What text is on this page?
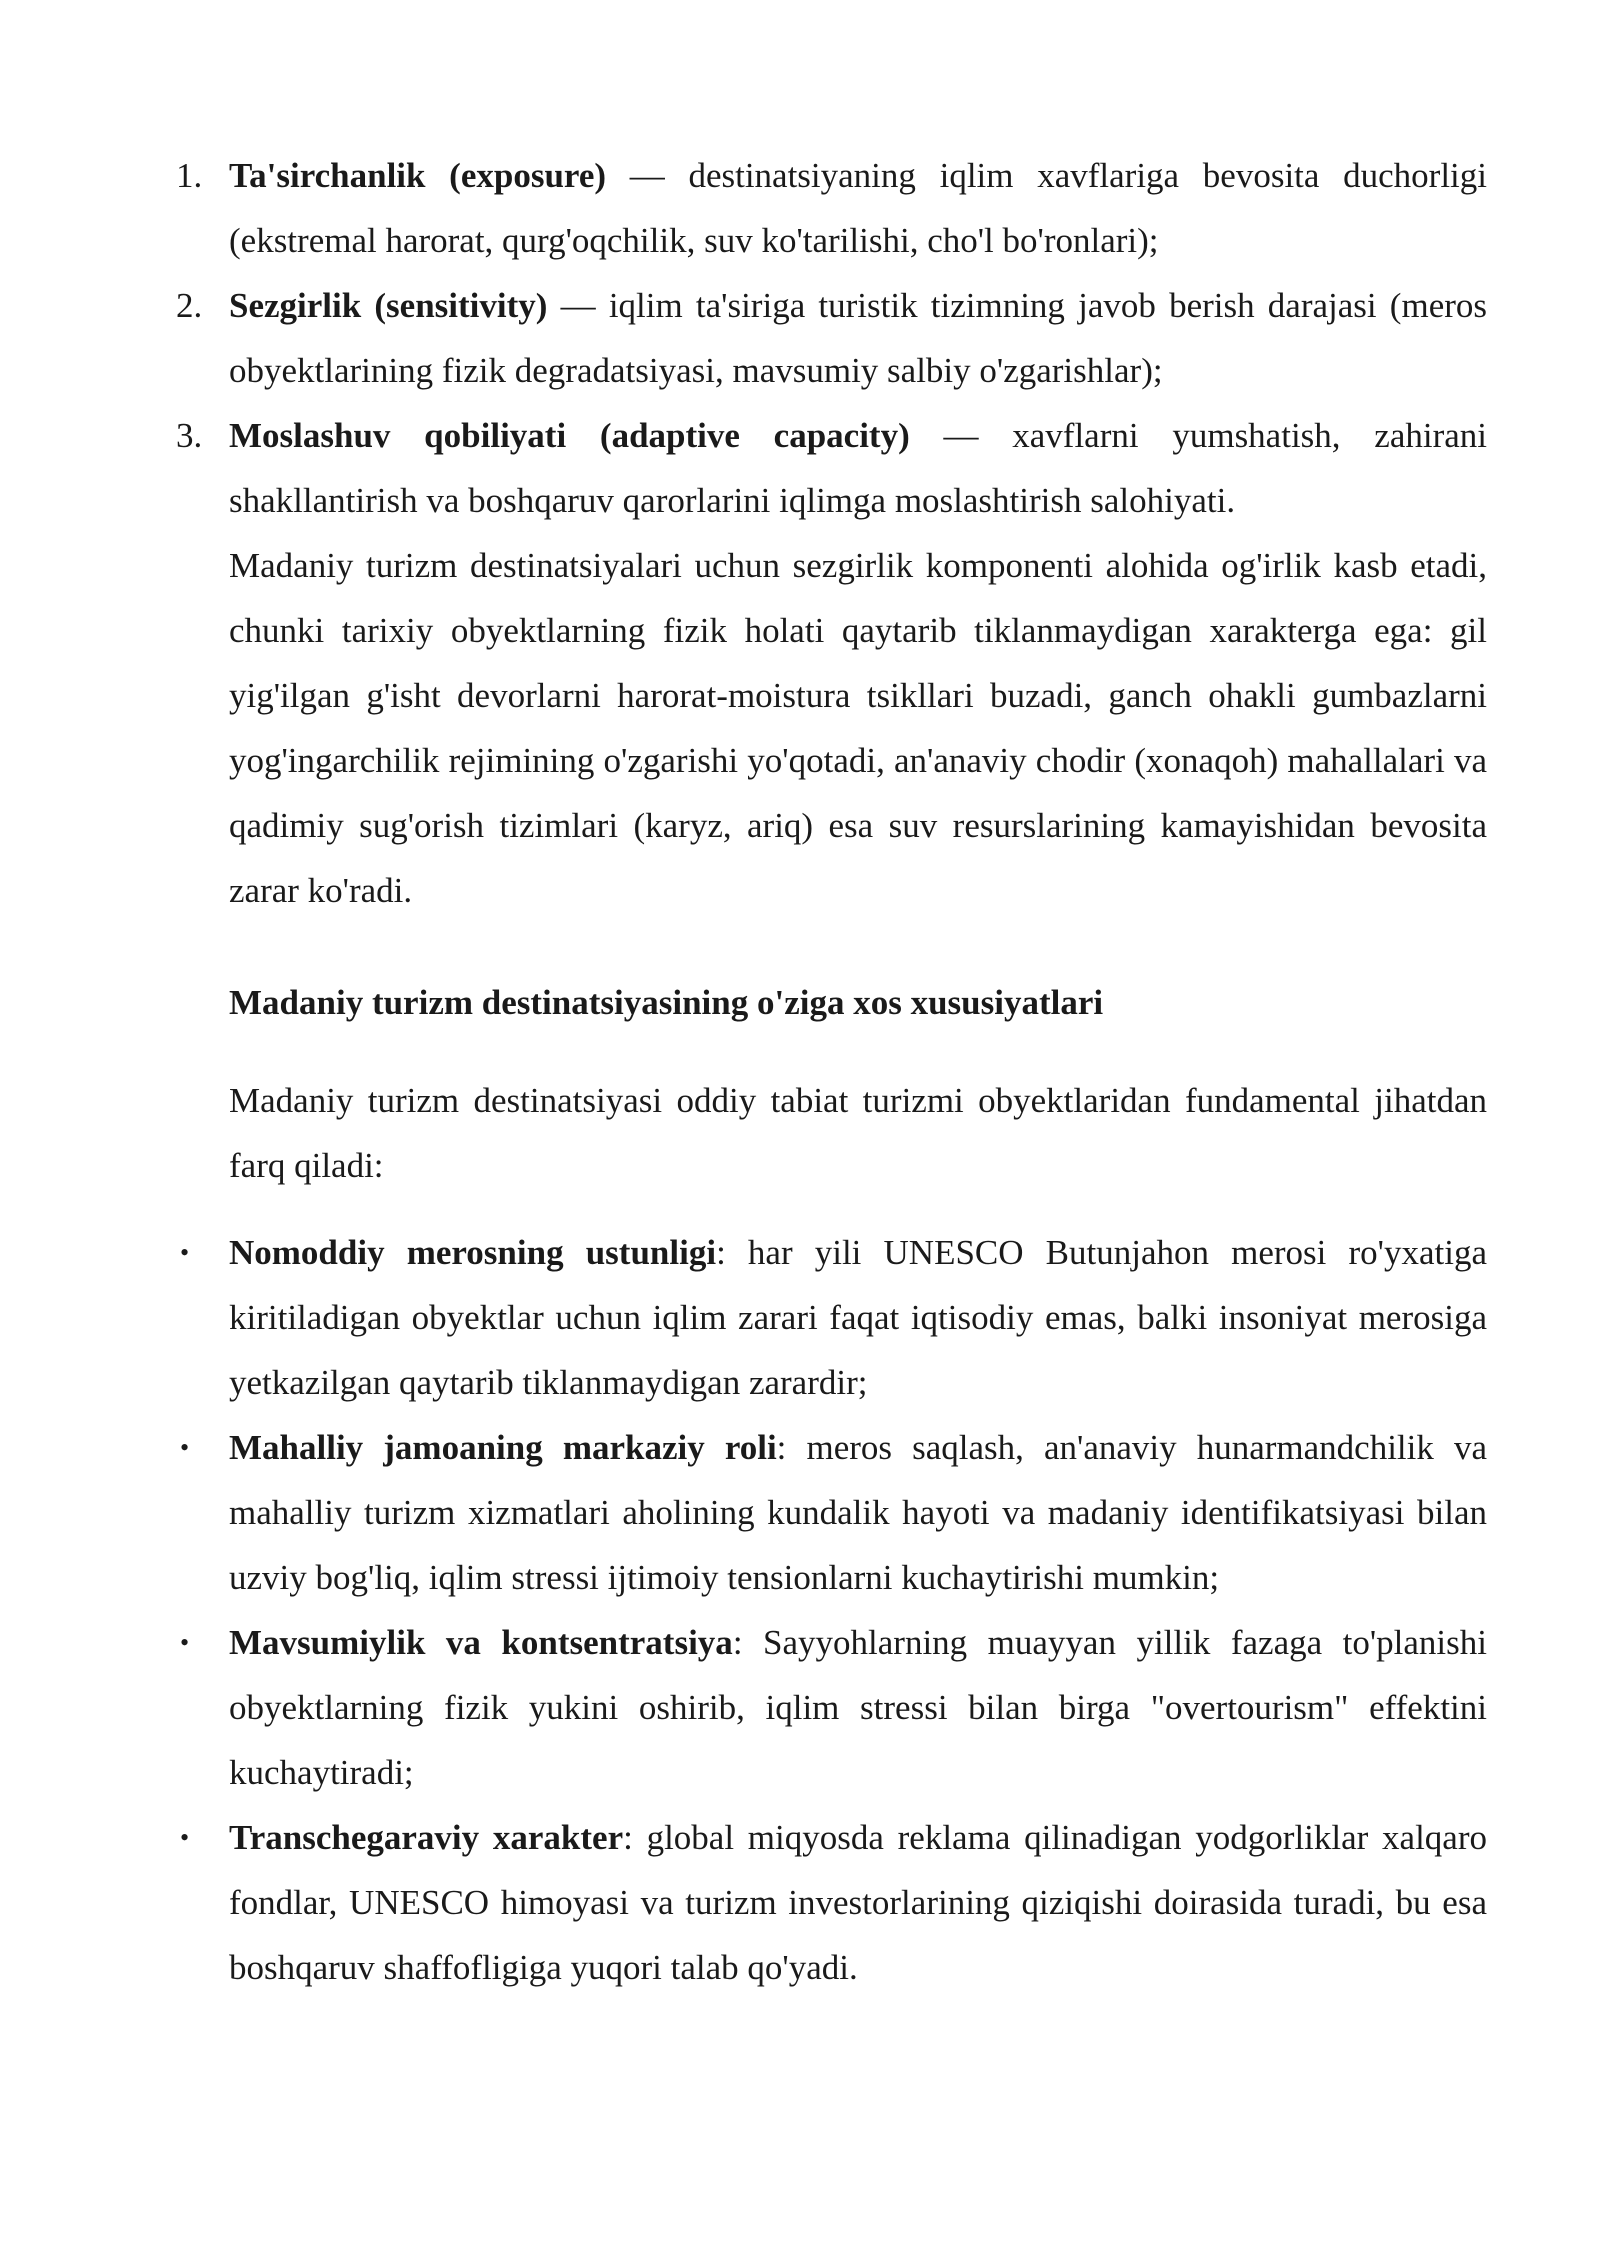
1. Ta'sirchanlik (exposure) — destinatsiyaning iqlim xavflariga bevosita duchorligi (ekstremal harorat, qurg'oqchilik, suv ko'tarilishi, cho'l bo'ronlari);
2. Sezgirlik (sensitivity) — iqlim ta'siriga turistik tizimning javob berish darajasi (meros obyektlarining fizik degradatsiyasi, mavsumiy salbiy o'zgarishlar);
3. Moslashuv qobiliyati (adaptive capacity) — xavflarni yumshatish, zahirani shakllantirish va boshqaruv qarorlarini iqlimga moslashtirish salohiyati.
Madaniy turizm destinatsiyalari uchun sezgirlik komponenti alohida og'irlik kasb etadi, chunki tarixiy obyektlarning fizik holati qaytarib tiklanmaydigan xarakterga ega: gil yig'ilgan g'isht devorlarni harorat-moistura tsikllari buzadi, ganch ohakli gumbazlarni yog'ingarchilik rejimining o'zgarishi yo'qotadi, an'anaviy chodir (xonaqoh) mahallalari va qadimiy sug'orish tizimlari (karyz, ariq) esa suv resurslarining kamayishidan bevosita zarar ko'radi.
Madaniy turizm destinatsiyasining o'ziga xos xususiyatlari
Madaniy turizm destinatsiyasi oddiy tabiat turizmi obyektlaridan fundamental jihatdan farq qiladi:
• Nomoddiy merosning ustunligi: har yili UNESCO Butunjahon merosi ro'yxatiga kiritiladigan obyektlar uchun iqlim zarari faqat iqtisodiy emas, balki insoniyat merosiga yetkazilgan qaytarib tiklanmaydigan zarardir;
• Mahalliy jamoaning markaziy roli: meros saqlash, an'anaviy hunarmandchilik va mahalliy turizm xizmatlari aholining kundalik hayoti va madaniy identifikatsiyasi bilan uzviy bog'liq, iqlim stressi ijtimoiy tensionlarni kuchaytirishi mumkin;
• Mavsumiylik va kontsentratsiya: Sayyohlarning muayyan yillik fazaga to'planishi obyektlarning fizik yukini oshirib, iqlim stressi bilan birga "overtourism" effektini kuchaytiradi;
• Transchegaraviy xarakter: global miqyosda reklama qilinadigan yodgorliklar xalqaro fondlar, UNESCO himoyasi va turizm investorlarining qiziqishi doirasida turadi, bu esa boshqaruv shaffofligiga yuqori talab qo'yadi.
